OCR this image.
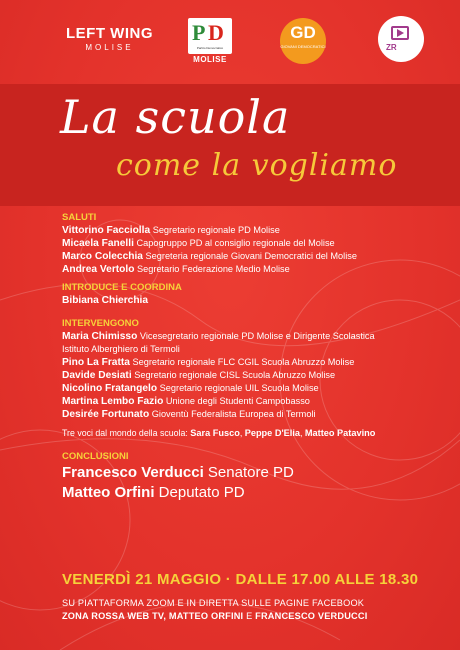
LEFT WING
MOLISE
P D
Partito Democratico
MOLISE
GD
GIOVANI DEMOCRATICI	ZR
La scuola
come la vogliamo
SALUTI
Vittorino Facciolla Segretario regionale PD Molise
Micaela Fanelli Capogruppo PD al consiglio regionale del Molise
Marco Colecchia Segreteria regionale Giovani Democratici del Molise
Andrea Vertolo Segretario Federazione Medio Molise
INTRODUCE E COORDINA
Bibiana Chierchia
INTERVENGONO
Maria Chimisso Vicesegretario regionale PD Molise e Dirigente Scolastica
Istituto Alberghiero di Termoli
Pino La Fratta Segretario regionale FLC CGIL Scuola Abruzzo Molise
Davide Desiati Segretario regionale CISL Scuola Abruzzo Molise
Nicolino Fratangelo Segretario regionale UIL Scuola Molise
Martina Lembo Fazio Unione degli Studenti Campobasso
Desirée Fortunato Gioventù Federalista Europea di Termoli
Tre voci dal mondo della scuola: Sara Fusco, Peppe D'Elia, Matteo Patavino
CONCLUSIONI
Francesco Verducci Senatore PD
Matteo Orfini Deputato PD
VENERDÌ 21 MAGGIO · DALLE 17.00 ALLE 18.30
SU PIATTAFORMA ZOOM E IN DIRETTA SULLE PAGINE FACEBOOK
ZONA ROSSA WEB TV, MATTEO ORFINI E FRANCESCO VERDUCCI
